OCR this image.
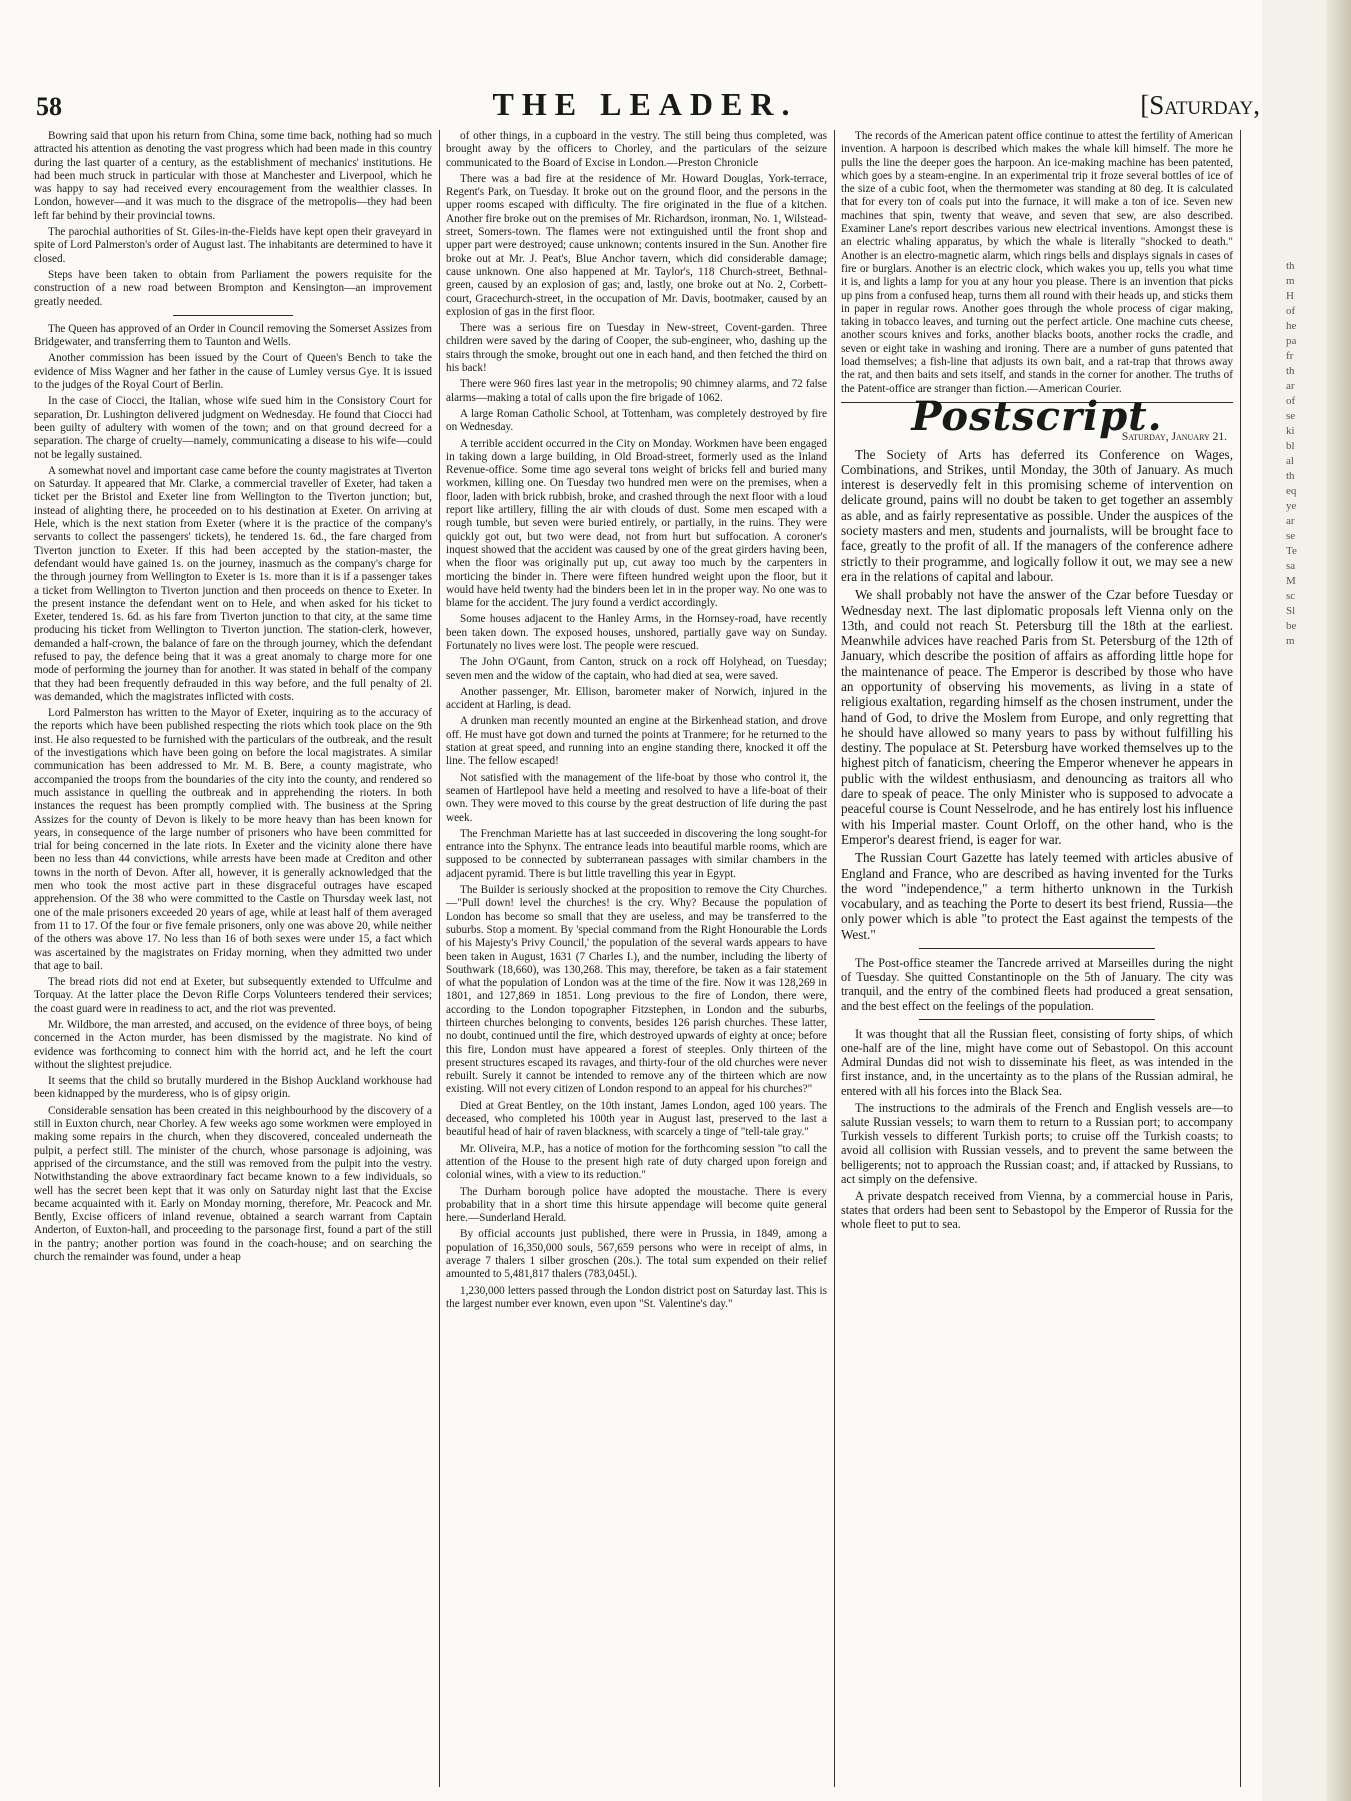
58	THE LEADER.	[Saturday,

Bowring said that upon his return from China, some time back, nothing had so much attracted his attention as denoting the vast progress which had been made in this country during the last quarter of a century, as the establishment of mechanics' institutions. He had been much struck in particular with those at Manchester and Liverpool, which he was happy to say had received every encouragement from the wealthier classes. In London, however—and it was much to the disgrace of the metropolis—they had been left far behind by their provincial towns.

The parochial authorities of St. Giles-in-the-Fields have kept open their graveyard in spite of Lord Palmerston's order of August last. The inhabitants are determined to have it closed.

Steps have been taken to obtain from Parliament the powers requisite for the construction of a new road between Brompton and Kensington—an improvement greatly needed.

The Queen has approved of an Order in Council removing the Somerset Assizes from Bridgewater, and transferring them to Taunton and Wells.

Another commission has been issued by the Court of Queen's Bench to take the evidence of Miss Wagner and her father in the cause of Lumley versus Gye. It is issued to the judges of the Royal Court of Berlin.

In the case of Ciocci, the Italian, whose wife sued him in the Consistory Court for separation, Dr. Lushington delivered judgment on Wednesday. He found that Ciocci had been guilty of adultery with women of the town; and on that ground decreed for a separation. The charge of cruelty—namely, communicating a disease to his wife—could not be legally sustained.

A somewhat novel and important case came before the county magistrates at Tiverton on Saturday. It appeared that Mr. Clarke, a commercial traveller of Exeter, had taken a ticket per the Bristol and Exeter line from Wellington to the Tiverton junction; but, instead of alighting there, he proceeded on to his destination at Exeter. On arriving at Hele, which is the next station from Exeter (where it is the practice of the company's servants to collect the passengers' tickets), he tendered 1s. 6d., the fare charged from Tiverton junction to Exeter. If this had been accepted by the station-master, the defendant would have gained 1s. on the journey, inasmuch as the company's charge for the through journey from Wellington to Exeter is 1s. more than it is if a passenger takes a ticket from Wellington to Tiverton junction and then proceeds on thence to Exeter. In the present instance the defendant went on to Hele, and when asked for his ticket to Exeter, tendered 1s. 6d. as his fare from Tiverton junction to that city, at the same time producing his ticket from Wellington to Tiverton junction. The station-clerk, however, demanded a half-crown, the balance of fare on the through journey, which the defendant refused to pay, the defence being that it was a great anomaly to charge more for one mode of performing the journey than for another. It was stated in behalf of the company that they had been frequently defrauded in this way before, and the full penalty of 2l. was demanded, which the magistrates inflicted with costs.

Lord Palmerston has written to the Mayor of Exeter, inquiring as to the accuracy of the reports which have been published respecting the riots which took place on the 9th inst. He also requested to be furnished with the particulars of the outbreak, and the result of the investigations which have been going on before the local magistrates. A similar communication has been addressed to Mr. M. B. Bere, a county magistrate, who accompanied the troops from the boundaries of the city into the county, and rendered so much assistance in quelling the outbreak and in apprehending the rioters. In both instances the request has been promptly complied with. The business at the Spring Assizes for the county of Devon is likely to be more heavy than has been known for years, in consequence of the large number of prisoners who have been committed for trial for being concerned in the late riots. In Exeter and the vicinity alone there have been no less than 44 convictions, while arrests have been made at Crediton and other towns in the north of Devon. After all, however, it is generally acknowledged that the men who took the most active part in these disgraceful outrages have escaped apprehension. Of the 38 who were committed to the Castle on Thursday week last, not one of the male prisoners exceeded 20 years of age, while at least half of them averaged from 11 to 17. Of the four or five female prisoners, only one was above 20, while neither of the others was above 17. No less than 16 of both sexes were under 15, a fact which was ascertained by the magistrates on Friday morning, when they admitted two under that age to bail.

The bread riots did not end at Exeter, but subsequently extended to Uffculme and Torquay. At the latter place the Devon Rifle Corps Volunteers tendered their services; the coast guard were in readiness to act, and the riot was prevented.

Mr. Wildbore, the man arrested, and accused, on the evidence of three boys, of being concerned in the Acton murder, has been dismissed by the magistrate. No kind of evidence was forthcoming to connect him with the horrid act, and he left the court without the slightest prejudice.

It seems that the child so brutally murdered in the Bishop Auckland workhouse had been kidnapped by the murderess, who is of gipsy origin.

Considerable sensation has been created in this neighbourhood by the discovery of a still in Euxton church, near Chorley. A few weeks ago some workmen were employed in making some repairs in the church, when they discovered, concealed underneath the pulpit, a perfect still. The minister of the church, whose parsonage is adjoining, was apprised of the circumstance, and the still was removed from the pulpit into the vestry. Notwithstanding the above extraordinary fact became known to a few individuals, so well has the secret been kept that it was only on Saturday night last that the Excise became acquainted with it. Early on Monday morning, therefore, Mr. Peacock and Mr. Bently, Excise officers of inland revenue, obtained a search warrant from Captain Anderton, of Euxton-hall, and proceeding to the parsonage first, found a part of the still in the pantry; another portion was found in the coach-house; and on searching the church the remainder was found, under a heap

of other things, in a cupboard in the vestry. The still being thus completed, was brought away by the officers to Chorley, and the particulars of the seizure communicated to the Board of Excise in London.—Preston Chronicle

There was a bad fire at the residence of Mr. Howard Douglas, York-terrace, Regent's Park, on Tuesday. It broke out on the ground floor, and the persons in the upper rooms escaped with difficulty. The fire originated in the flue of a kitchen. Another fire broke out on the premises of Mr. Richardson, ironman, No. 1, Wilstead-street, Somers-town. The flames were not extinguished until the front shop and upper part were destroyed; cause unknown; contents insured in the Sun. Another fire broke out at Mr. J. Peat's, Blue Anchor tavern, which did considerable damage; cause unknown. One also happened at Mr. Taylor's, 118 Church-street, Bethnal-green, caused by an explosion of gas; and, lastly, one broke out at No. 2, Corbett-court, Gracechurch-street, in the occupation of Mr. Davis, bootmaker, caused by an explosion of gas in the first floor.

There was a serious fire on Tuesday in New-street, Covent-garden. Three children were saved by the daring of Cooper, the sub-engineer, who, dashing up the stairs through the smoke, brought out one in each hand, and then fetched the third on his back!

There were 960 fires last year in the metropolis; 90 chimney alarms, and 72 false alarms—making a total of calls upon the fire brigade of 1062.

A large Roman Catholic School, at Tottenham, was completely destroyed by fire on Wednesday.

A terrible accident occurred in the City on Monday. Workmen have been engaged in taking down a large building, in Old Broad-street, formerly used as the Inland Revenue-office. Some time ago several tons weight of bricks fell and buried many workmen, killing one. On Tuesday two hundred men were on the premises, when a floor, laden with brick rubbish, broke, and crashed through the next floor with a loud report like artillery, filling the air with clouds of dust. Some men escaped with a rough tumble, but seven were buried entirely, or partially, in the ruins. They were quickly got out, but two were dead, not from hurt but suffocation. A coroner's inquest showed that the accident was caused by one of the great girders having been, when the floor was originally put up, cut away too much by the carpenters in morticing the binder in. There were fifteen hundred weight upon the floor, but it would have held twenty had the binders been let in in the proper way. No one was to blame for the accident. The jury found a verdict accordingly.

Some houses adjacent to the Hanley Arms, in the Hornsey-road, have recently been taken down. The exposed houses, unshored, partially gave way on Sunday. Fortunately no lives were lost. The people were rescued.

The John O'Gaunt, from Canton, struck on a rock off Holyhead, on Tuesday; seven men and the widow of the captain, who had died at sea, were saved.

Another passenger, Mr. Ellison, barometer maker of Norwich, injured in the accident at Harling, is dead.

A drunken man recently mounted an engine at the Birkenhead station, and drove off. He must have got down and turned the points at Tranmere; for he returned to the station at great speed, and running into an engine standing there, knocked it off the line. The fellow escaped!

Not satisfied with the management of the life-boat by those who control it, the seamen of Hartlepool have held a meeting and resolved to have a life-boat of their own. They were moved to this course by the great destruction of life during the past week.

The Frenchman Mariette has at last succeeded in discovering the long sought-for entrance into the Sphynx. The entrance leads into beautiful marble rooms, which are supposed to be connected by subterranean passages with similar chambers in the adjacent pyramid. There is but little travelling this year in Egypt.

The Builder is seriously shocked at the proposition to remove the City Churches.—"Pull down! level the churches! is the cry. Why? Because the population of London has become so small that they are useless, and may be transferred to the suburbs. Stop a moment. By 'special command from the Right Honourable the Lords of his Majesty's Privy Council,' the population of the several wards appears to have been taken in August, 1631 (7 Charles I.), and the number, including the liberty of Southwark (18,660), was 130,268. This may, therefore, be taken as a fair statement of what the population of London was at the time of the fire. Now it was 128,269 in 1801, and 127,869 in 1851. Long previous to the fire of London, there were, according to the London topographer Fitzstephen, in London and the suburbs, thirteen churches belonging to convents, besides 126 parish churches. These latter, no doubt, continued until the fire, which destroyed upwards of eighty at once; before this fire, London must have appeared a forest of steeples. Only thirteen of the present structures escaped its ravages, and thirty-four of the old churches were never rebuilt. Surely it cannot be intended to remove any of the thirteen which are now existing. Will not every citizen of London respond to an appeal for his churches?"

Died at Great Bentley, on the 10th instant, James London, aged 100 years. The deceased, who completed his 100th year in August last, preserved to the last a beautiful head of hair of raven blackness, with scarcely a tinge of "tell-tale gray."

Mr. Oliveira, M.P., has a notice of motion for the forthcoming session "to call the attention of the House to the present high rate of duty charged upon foreign and colonial wines, with a view to its reduction."

The Durham borough police have adopted the moustache. There is every probability that in a short time this hirsute appendage will become quite general here.—Sunderland Herald.

By official accounts just published, there were in Prussia, in 1849, among a population of 16,350,000 souls, 567,659 persons who were in receipt of alms, in average 7 thalers 1 silber groschen (20s.). The total sum expended on their relief amounted to 5,481,817 thalers (783,045l.).

1,230,000 letters passed through the London district post on Saturday last. This is the largest number ever known, even upon "St. Valentine's day."

The records of the American patent office continue to attest the fertility of American invention. A harpoon is described which makes the whale kill himself. The more he pulls the line the deeper goes the harpoon. An ice-making machine has been patented, which goes by a steam-engine. In an experimental trip it froze several bottles of ice of the size of a cubic foot, when the thermometer was standing at 80 deg. It is calculated that for every ton of coals put into the furnace, it will make a ton of ice. Seven new machines that spin, twenty that weave, and seven that sew, are also described. Examiner Lane's report describes various new electrical inventions. Amongst these is an electric whaling apparatus, by which the whale is literally "shocked to death." Another is an electro-magnetic alarm, which rings bells and displays signals in cases of fire or burglars. Another is an electric clock, which wakes you up, tells you what time it is, and lights a lamp for you at any hour you please. There is an invention that picks up pins from a confused heap, turns them all round with their heads up, and sticks them in paper in regular rows. Another goes through the whole process of cigar making, taking in tobacco leaves, and turning out the perfect article. One machine cuts cheese, another scours knives and forks, another blacks boots, another rocks the cradle, and seven or eight take in washing and ironing. There are a number of guns patented that load themselves; a fish-line that adjusts its own bait, and a rat-trap that throws away the rat, and then baits and sets itself, and stands in the corner for another. The truths of the Patent-office are stranger than fiction.—American Courier.

Postscript.
Saturday, January 21.

The Society of Arts has deferred its Conference on Wages, Combinations, and Strikes, until Monday, the 30th of January. As much interest is deservedly felt in this promising scheme of intervention on delicate ground, pains will no doubt be taken to get together an assembly as able, and as fairly representative as possible. Under the auspices of the society masters and men, students and journalists, will be brought face to face, greatly to the profit of all. If the managers of the conference adhere strictly to their programme, and logically follow it out, we may see a new era in the relations of capital and labour.

We shall probably not have the answer of the Czar before Tuesday or Wednesday next. The last diplomatic proposals left Vienna only on the 13th, and could not reach St. Petersburg till the 18th at the earliest. Meanwhile advices have reached Paris from St. Petersburg of the 12th of January, which describe the position of affairs as affording little hope for the maintenance of peace. The Emperor is described by those who have an opportunity of observing his movements, as living in a state of religious exaltation, regarding himself as the chosen instrument, under the hand of God, to drive the Moslem from Europe, and only regretting that he should have allowed so many years to pass by without fulfilling his destiny. The populace at St. Petersburg have worked themselves up to the highest pitch of fanaticism, cheering the Emperor whenever he appears in public with the wildest enthusiasm, and denouncing as traitors all who dare to speak of peace. The only Minister who is supposed to advocate a peaceful course is Count Nesselrode, and he has entirely lost his influence with his Imperial master. Count Orloff, on the other hand, who is the Emperor's dearest friend, is eager for war.

The Russian Court Gazette has lately teemed with articles abusive of England and France, who are described as having invented for the Turks the word "independence," a term hitherto unknown in the Turkish vocabulary, and as teaching the Porte to desert its best friend, Russia—the only power which is able "to protect the East against the tempests of the West."

The Post-office steamer the Tancrede arrived at Marseilles during the night of Tuesday. She quitted Constantinople on the 5th of January. The city was tranquil, and the entry of the combined fleets had produced a great sensation, and the best effect on the feelings of the population.

It was thought that all the Russian fleet, consisting of forty ships, of which one-half are of the line, might have come out of Sebastopol. On this account Admiral Dundas did not wish to disseminate his fleet, as was intended in the first instance, and, in the uncertainty as to the plans of the Russian admiral, he entered with all his forces into the Black Sea.

The instructions to the admirals of the French and English vessels are—to salute Russian vessels; to warn them to return to a Russian port; to accompany Turkish vessels to different Turkish ports; to cruise off the Turkish coasts; to avoid all collision with Russian vessels, and to prevent the same between the belligerents; not to approach the Russian coast; and, if attacked by Russians, to act simply on the defensive.

A private despatch received from Vienna, by a commercial house in Paris, states that orders had been sent to Sebastopol by the Emperor of Russia for the whole fleet to put to sea.

th
m
H
of
he
pa
fr
th
ar
of
se
ki
bl
al
th
eq
ye
ar
se
Te
sa
M
sc
Sl
be
m
